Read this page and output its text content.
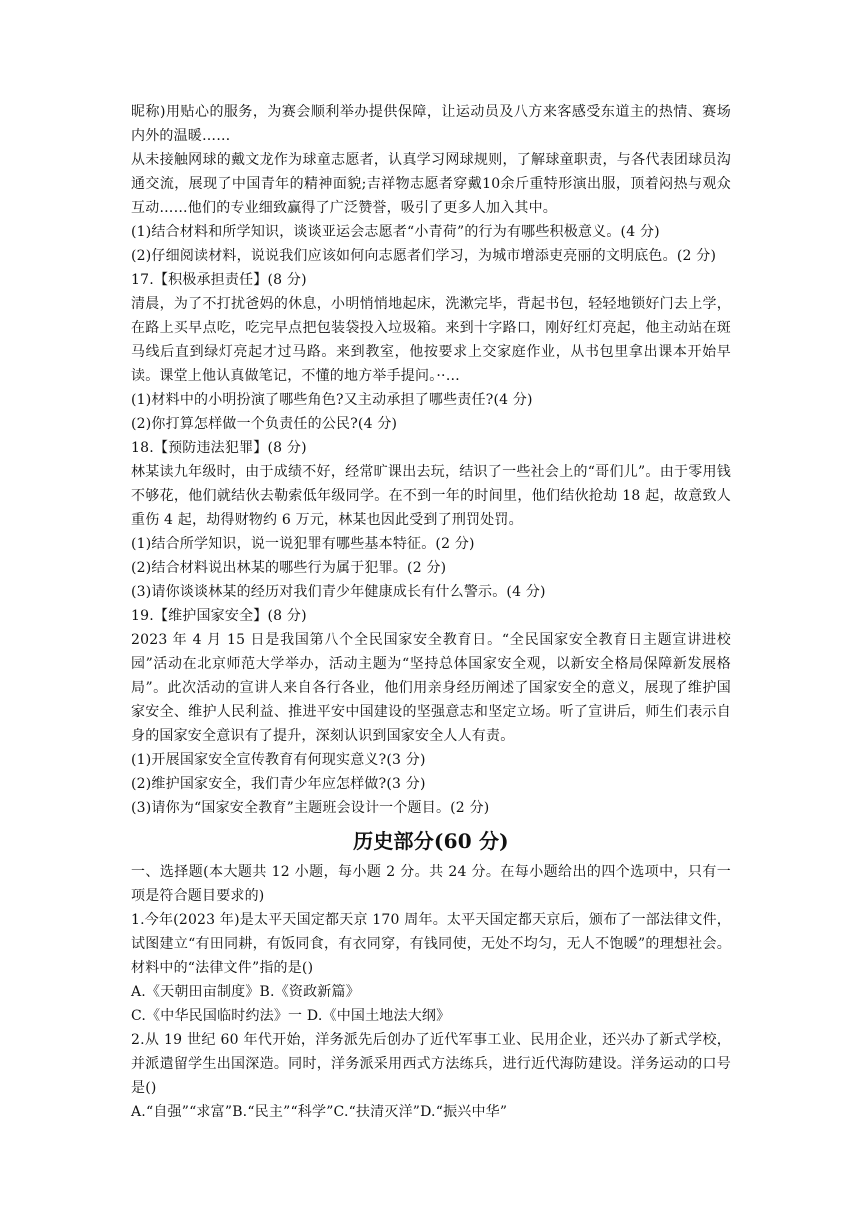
昵称)用贴心的服务，为赛会顺利举办提供保障，让运动员及八方来客感受东道主的热情、赛场内外的温暖……

从未接触网球的戴文龙作为球童志愿者，认真学习网球规则，了解球童职责，与各代表团球员沟通交流，展现了中国青年的精神面貌;吉祥物志愿者穿戴10余斤重特形演出服，顶着闷热与观众互动……他们的专业细致赢得了广泛赞誉，吸引了更多人加入其中。

(1)结合材料和所学知识，谈谈亚运会志愿者“小青荷”的行为有哪些积极意义。(4 分)

(2)仔细阅读材料，说说我们应该如何向志愿者们学习，为城市增添吏亮丽的文明底色。(2 分)

17.【积极承担责任】(8 分)

清晨，为了不打扰爸妈的休息，小明悄悄地起床，洗漱完毕，背起书包，轻轻地锁好门去上学，在路上买早点吃，吃完早点把包装袋投入垃圾箱。来到十字路口，刚好红灯亮起，他主动站在斑马线后直到绿灯亮起才过马路。来到教室，他按要求上交家庭作业，从书包里拿出课本开始早读。课堂上他认真做笔记，不懂的地方举手提问。··…

(1)材料中的小明扮演了哪些角色?又主动承担了哪些责任?(4 分)

(2)你打算怎样做一个负责任的公民?(4 分)

18.【预防违法犯罪】(8 分)

林某读九年级时，由于成绩不好，经常旷课出去玩，结识了一些社会上的“哥们儿”。由于零用钱不够花，他们就结伙去勒索低年级同学。在不到一年的时间里，他们结伙抢劫 18 起，故意致人重伤 4 起，劫得财物约 6 万元，林某也因此受到了刑罚处罚。

(1)结合所学知识，说一说犯罪有哪些基本特征。(2 分)

(2)结合材料说出林某的哪些行为属于犯罪。(2 分)

(3)请你谈谈林某的经历对我们青少年健康成长有什么警示。(4 分)

19.【维护国家安全】(8 分)

2023 年 4 月 15 日是我国第八个全民国家安全教育日。“全民国家安全教育日主题宣讲进校园”活动在北京师范大学举办，活动主题为“坚持总体国家安全观，以新安全格局保障新发展格局”。此次活动的宣讲人来自各行各业，他们用亲身经历阐述了国家安全的意义，展现了维护国家安全、维护人民利益、推进平安中国建设的坚强意志和坚定立场。听了宣讲后，师生们表示自身的国家安全意识有了提升，深刻认识到国家安全人人有责。

(1)开展国家安全宣传教育有何现实意义?(3 分)

(2)维护国家安全，我们青少年应怎样做?(3 分)

(3)请你为“国家安全教育”主题班会设计一个题目。(2 分)

历史部分(60 分)

一、选择题(本大题共 12 小题，每小题 2 分。共 24 分。在每小题给出的四个选项中，只有一项是符合题目要求的)

1.今年(2023 年)是太平天国定都天京 170 周年。太平天国定都天京后，颁布了一部法律文件，试图建立“有田同耕，有饭同食，有衣同穿，有钱同使，无处不均匀，无人不饱暖”的理想社会。材料中的“法律文件”指的是()

A.《天朝田亩制度》B.《资政新篇》

C.《中华民国临时约法》一 D.《中国土地法大纲》

2.从 19 世纪 60 年代开始，洋务派先后创办了近代军事工业、民用企业，还兴办了新式学校，并派遣留学生出国深造。同时，洋务派采用西式方法练兵，进行近代海防建设。洋务运动的口号是()

A.“自强”“求富”B.“民主”“科学”C.“扶清灭洋”D.“振兴中华”
